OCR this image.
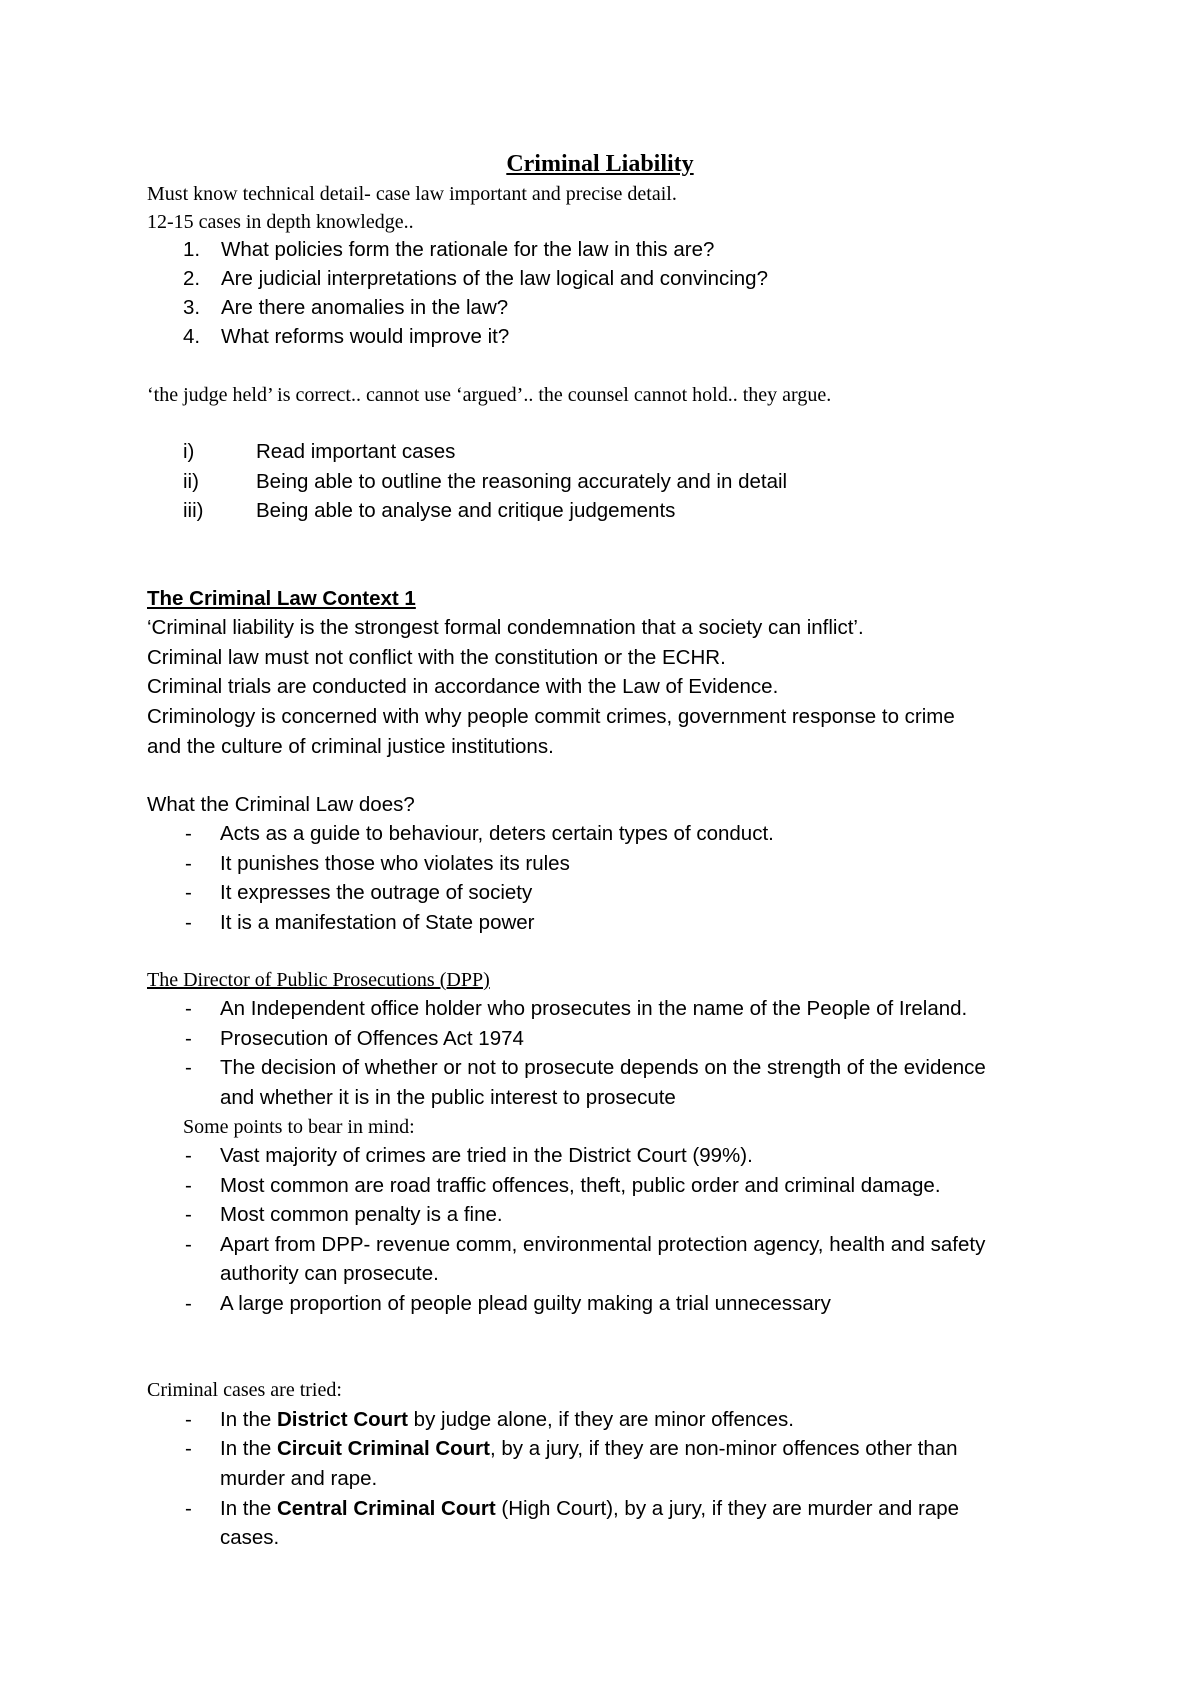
Criminal Liability
Must know technical detail- case law important and precise detail.
12-15 cases in depth knowledge..
1. What policies form the rationale for the law in this are?
2. Are judicial interpretations of the law logical and convincing?
3. Are there anomalies in the law?
4. What reforms would improve it?
‘the judge held’ is correct.. cannot use ‘argued’.. the counsel cannot hold.. they argue.
i)	Read important cases
ii)	Being able to outline the reasoning accurately and in detail
iii)	Being able to analyse and critique judgements
The Criminal Law Context 1
‘Criminal liability is the strongest formal condemnation that a society can inflict’.
Criminal law must not conflict with the constitution or the ECHR.
Criminal trials are conducted in accordance with the Law of Evidence.
Criminology is concerned with why people commit crimes, government response to crime
and the culture of criminal justice institutions.
What the Criminal Law does?
- Acts as a guide to behaviour, deters certain types of conduct.
- It punishes those who violates its rules
- It expresses the outrage of society
- It is a manifestation of State power
The Director of Public Prosecutions (DPP)
- An Independent office holder who prosecutes in the name of the People of Ireland.
- Prosecution of Offences Act 1974
- The decision of whether or not to prosecute depends on the strength of the evidence
and whether it is in the public interest to prosecute
Some points to bear in mind:
- Vast majority of crimes are tried in the District Court (99%).
- Most common are road traffic offences, theft, public order and criminal damage.
- Most common penalty is a fine.
- Apart from DPP- revenue comm, environmental protection agency, health and safety
authority can prosecute.
- A large proportion of people plead guilty making a trial unnecessary
Criminal cases are tried:
- In the District Court by judge alone, if they are minor offences.
- In the Circuit Criminal Court, by a jury, if they are non-minor offences other than
murder and rape.
- In the Central Criminal Court (High Court), by a jury, if they are murder and rape
cases.
